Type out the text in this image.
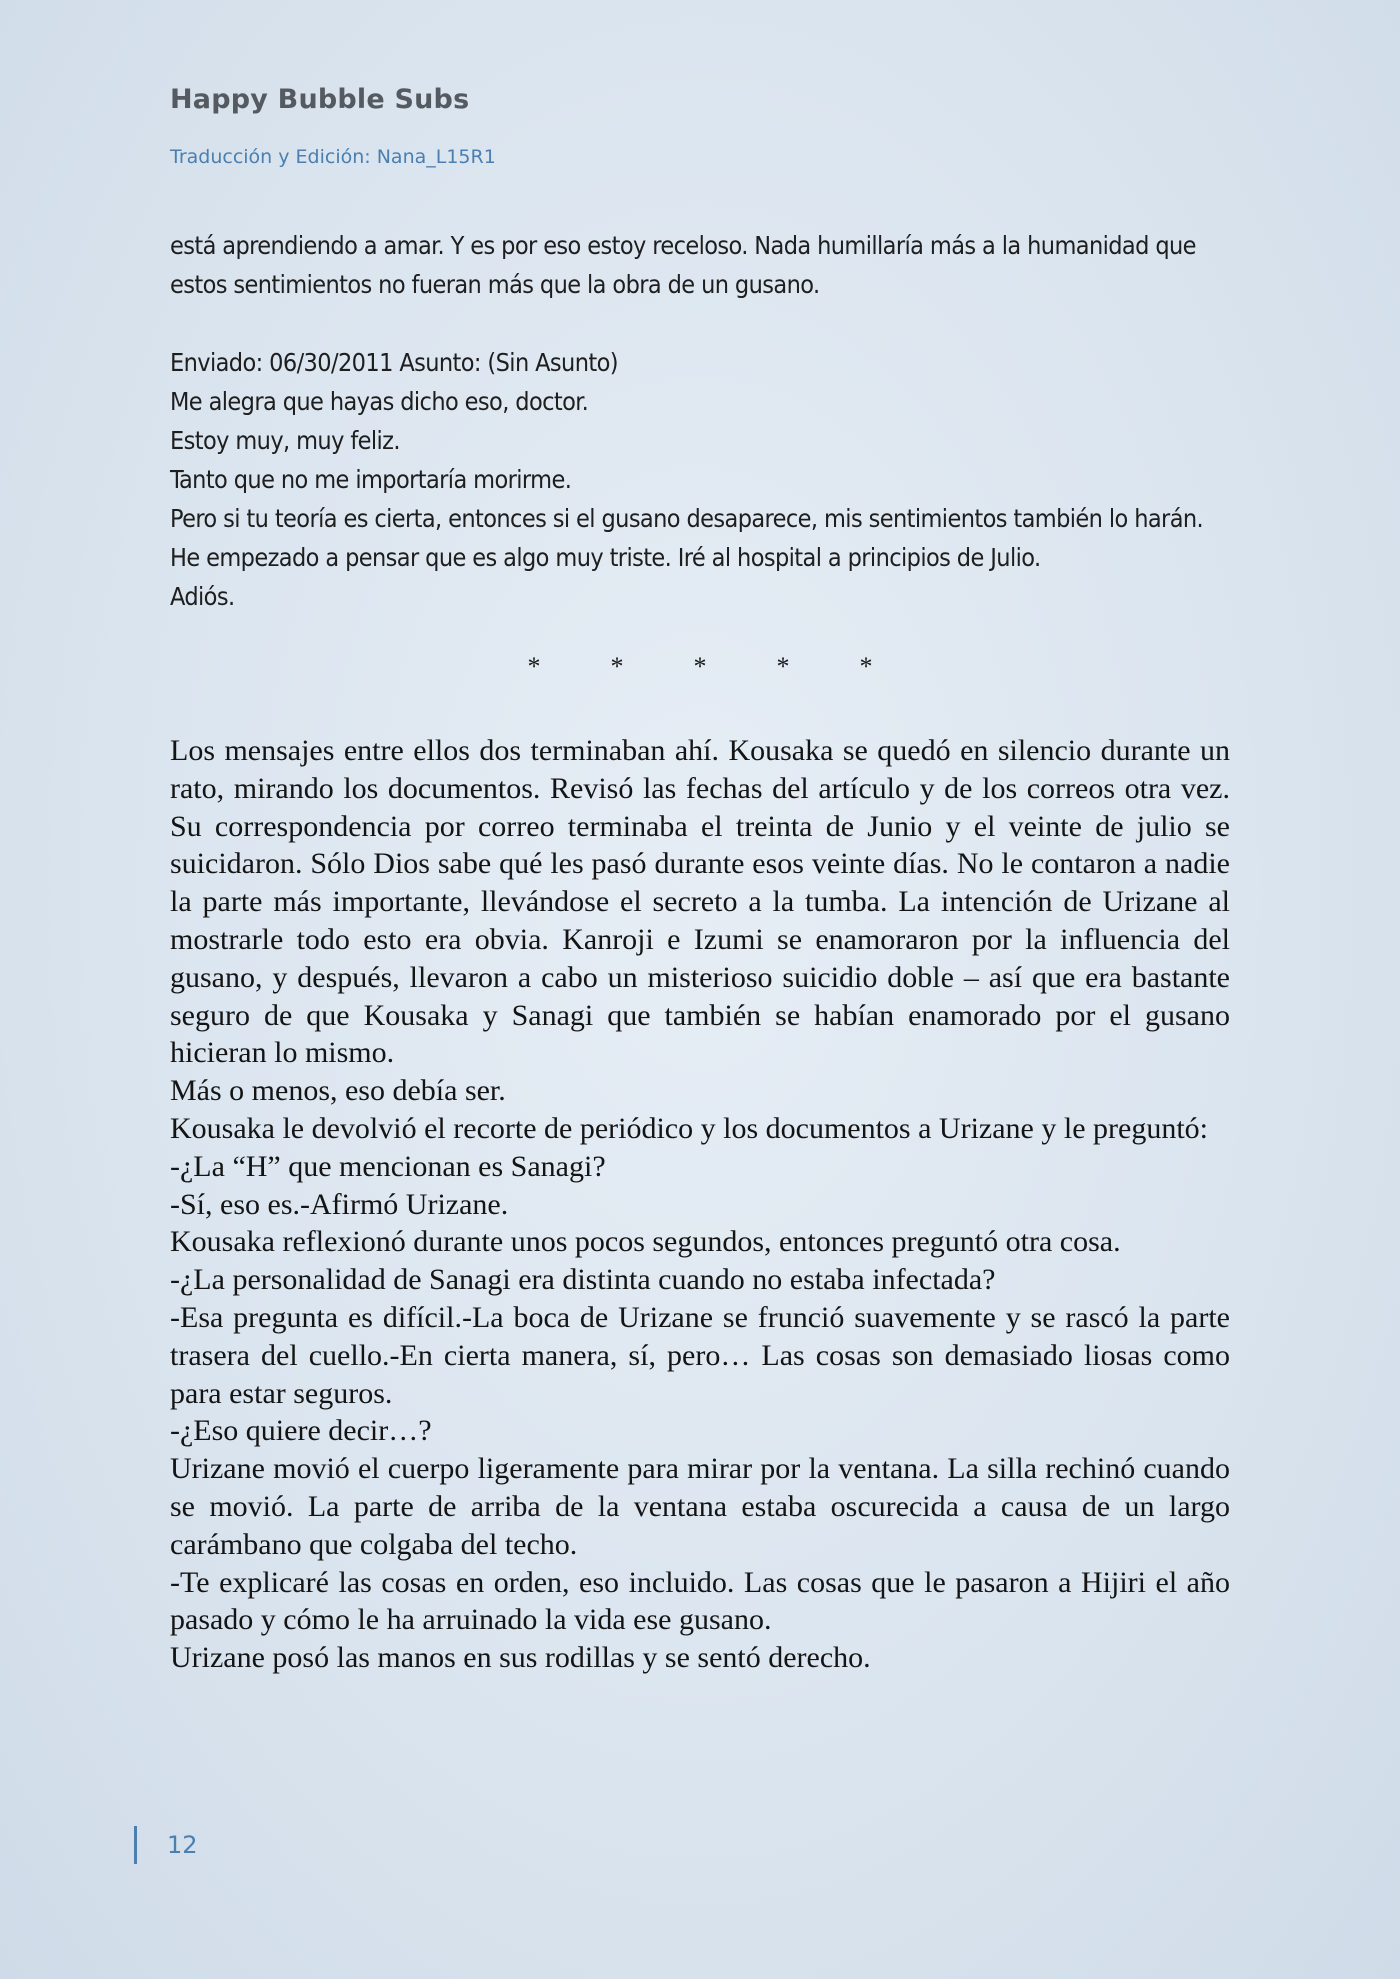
Happy Bubble Subs
Traducción y Edición: Nana_L15R1

está aprendiendo a amar. Y es por eso estoy receloso. Nada humillaría más a la humanidad que estos sentimientos no fueran más que la obra de un gusano.

Enviado: 06/30/2011 Asunto: (Sin Asunto)

Me alegra que hayas dicho eso, doctor.

Estoy muy, muy feliz.

Tanto que no me importaría morirme.

Pero si tu teoría es cierta, entonces si el gusano desaparece, mis sentimientos también lo harán.

He empezado a pensar que es algo muy triste. Iré al hospital a principios de Julio.

Adiós.

*	*	*	*	*

Los mensajes entre ellos dos terminaban ahí. Kousaka se quedó en silencio durante un rato, mirando los documentos. Revisó las fechas del artículo y de los correos otra vez. Su correspondencia por correo terminaba el treinta de Junio y el veinte de julio se suicidaron. Sólo Dios sabe qué les pasó durante esos veinte días. No le contaron a nadie la parte más importante, llevándose el secreto a la tumba. La intención de Urizane al mostrarle todo esto era obvia. Kanroji e Izumi se enamoraron por la influencia del gusano, y después, llevaron a cabo un misterioso suicidio doble – así que era bastante seguro de que Kousaka y Sanagi que también se habían enamorado por el gusano hicieran lo mismo.

Más o menos, eso debía ser.

Kousaka le devolvió el recorte de periódico y los documentos a Urizane y le preguntó:

-¿La “H” que mencionan es Sanagi?

-Sí, eso es.-Afirmó Urizane.

Kousaka reflexionó durante unos pocos segundos, entonces preguntó otra cosa.

-¿La personalidad de Sanagi era distinta cuando no estaba infectada?

-Esa pregunta es difícil.-La boca de Urizane se frunció suavemente y se rascó la parte trasera del cuello.-En cierta manera, sí, pero… Las cosas son demasiado liosas como para estar seguros.

-¿Eso quiere decir…?

Urizane movió el cuerpo ligeramente para mirar por la ventana. La silla rechinó cuando se movió. La parte de arriba de la ventana estaba oscurecida a causa de un largo carámbano que colgaba del techo.

-Te explicaré las cosas en orden, eso incluido. Las cosas que le pasaron a Hijiri el año pasado y cómo le ha arruinado la vida ese gusano.

Urizane posó las manos en sus rodillas y se sentó derecho.

12
